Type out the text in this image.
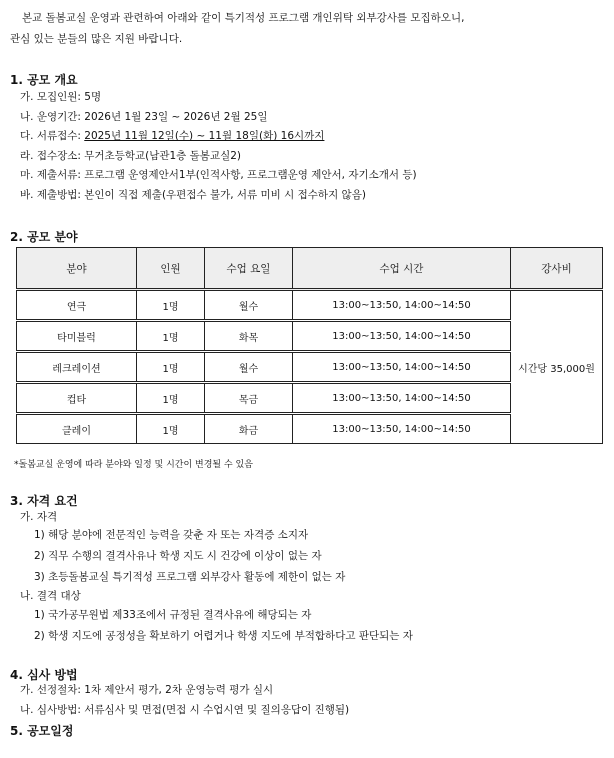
본교 돌봄교실 운영과 관련하여 아래와 같이 특기적성 프로그램 개인위탁 외부강사를 모집하오니,

관심 있는 분들의 많은 지원 바랍니다.

1. 공모 개요
가. 모집인원: 5명
나. 운영기간: 2026년 1월 23일 ~ 2026년 2월 25일
다. 서류접수: 2025년 11월 12일(수) ~ 11월 18일(화) 16시까지
라. 접수장소: 무거초등학교(남관1층 돌봄교실2)
마. 제출서류: 프로그램 운영제안서1부(인적사항, 프로그램운영 제안서, 자기소개서 등)
바. 제출방법: 본인이 직접 제출(우편접수 불가, 서류 미비 시 접수하지 않음)
2. 공모 분야
분야	인원	수업 요일	수업 시간	강사비
연극	1명	월수	13:00~13:50, 14:00~14:50	시간당 35,000원
타미블럭	1명	화목	13:00~13:50, 14:00~14:50	
레크레이션	1명	월수	13:00~13:50, 14:00~14:50	
컵타	1명	목금	13:00~13:50, 14:00~14:50	
클레이	1명	화금	13:00~13:50, 14:00~14:50	
*돌봄교실 운영에 따라 분야와 일정 및 시간이 변경될 수 있음
3. 자격 요건
가. 자격
1) 해당 분야에 전문적인 능력을 갖춘 자 또는 자격증 소지자
2) 직무 수행의 결격사유나 학생 지도 시 건강에 이상이 없는 자
3) 초등돌봄교실 특기적성 프로그램 외부강사 활동에 제한이 없는 자
나. 결격 대상
1) 국가공무원법 제33조에서 규정된 결격사유에 해당되는 자
2) 학생 지도에 공정성을 확보하기 어렵거나 학생 지도에 부적합하다고 판단되는 자
4. 심사 방법
가. 선정절차: 1차 제안서 평가, 2차 운영능력 평가 실시
나. 심사방법: 서류심사 및 면접(면접 시 수업시연 및 질의응답이 진행됨)
5. 공모일정
